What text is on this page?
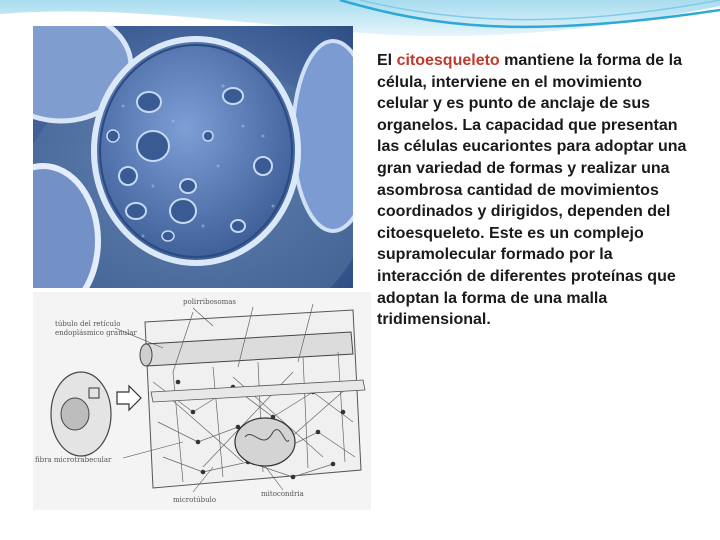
polirribosomas
túbulo del retículo
endoplásmico granular
fibra microtrabecular
microtúbulo
mitocondria

El citoesqueleto mantiene la forma de la célula, interviene en el movimiento celular y es punto de anclaje de sus organelos. La capacidad que presentan las células eucariontes para adoptar una gran variedad de formas y realizar una asombrosa cantidad de movimientos coordinados y dirigidos, dependen del citoesqueleto. Este es un complejo supramolecular formado por la interacción de diferentes proteínas que adoptan la forma de una malla tridimensional.
